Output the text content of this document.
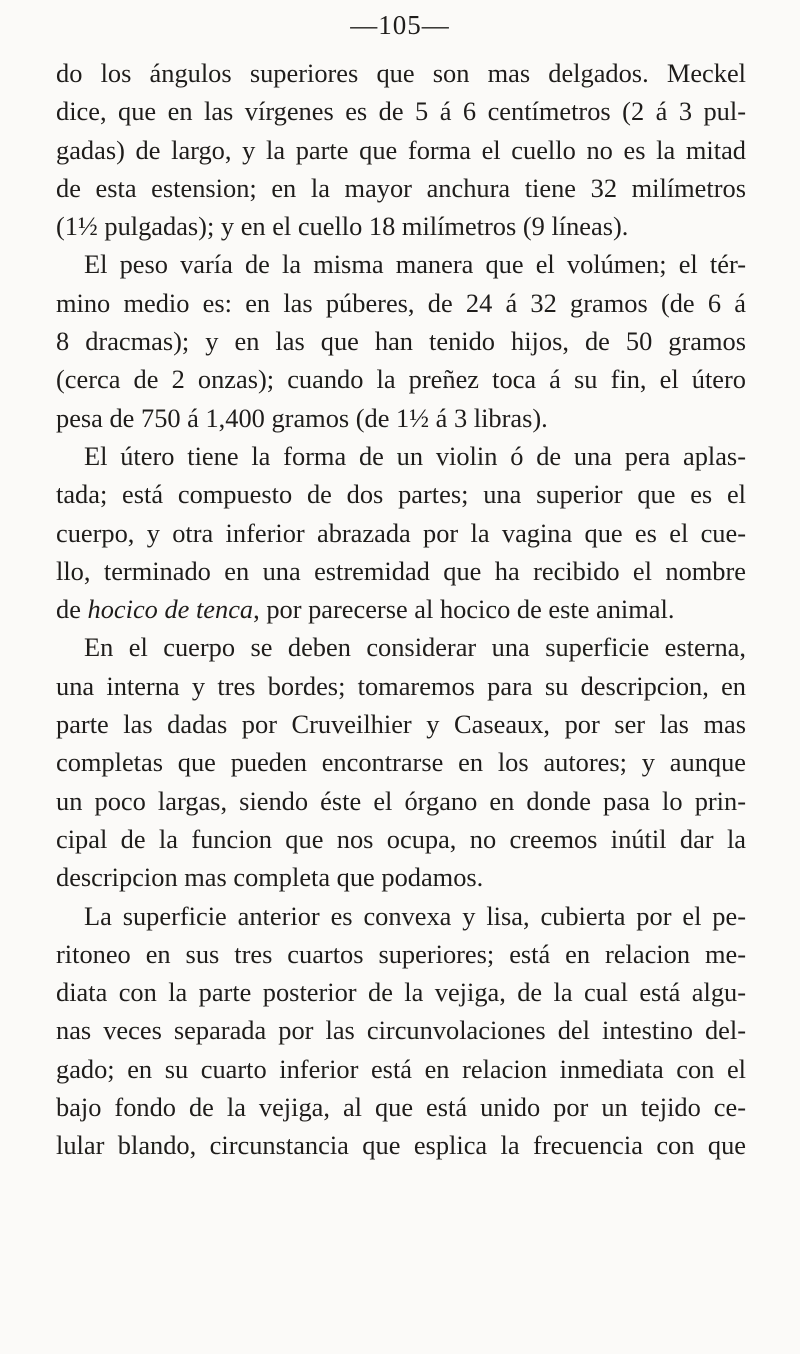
—105—
do los ángulos superiores que son mas delgados. Meckel
dice, que en las vírgenes es de 5 á 6 centímetros (2 á 3 pul-
gadas) de largo, y la parte que forma el cuello no es la mitad
de esta estension; en la mayor anchura tiene 32 milímetros
(1½ pulgadas); y en el cuello 18 milímetros (9 líneas).
El peso varía de la misma manera que el volúmen; el tér-
mino medio es: en las púberes, de 24 á 32 gramos (de 6 á
8 dracmas); y en las que han tenido hijos, de 50 gramos
(cerca de 2 onzas); cuando la preñez toca á su fin, el útero
pesa de 750 á 1,400 gramos (de 1½ á 3 libras).
El útero tiene la forma de un violin ó de una pera aplas-
tada; está compuesto de dos partes; una superior que es el
cuerpo, y otra inferior abrazada por la vagina que es el cue-
llo, terminado en una estremidad que ha recibido el nombre
de hocico de tenca, por parecerse al hocico de este animal.
En el cuerpo se deben considerar una superficie esterna,
una interna y tres bordes; tomaremos para su descripcion, en
parte las dadas por Cruveilhier y Caseaux, por ser las mas
completas que pueden encontrarse en los autores; y aunque
un poco largas, siendo éste el órgano en donde pasa lo prin-
cipal de la funcion que nos ocupa, no creemos inútil dar la
descripcion mas completa que podamos.
La superficie anterior es convexa y lisa, cubierta por el pe-
ritoneo en sus tres cuartos superiores; está en relacion me-
diata con la parte posterior de la vejiga, de la cual está algu-
nas veces separada por las circunvolaciones del intestino del-
gado; en su cuarto inferior está en relacion inmediata con el
bajo fondo de la vejiga, al que está unido por un tejido ce-
lular blando, circunstancia que esplica la frecuencia con que
